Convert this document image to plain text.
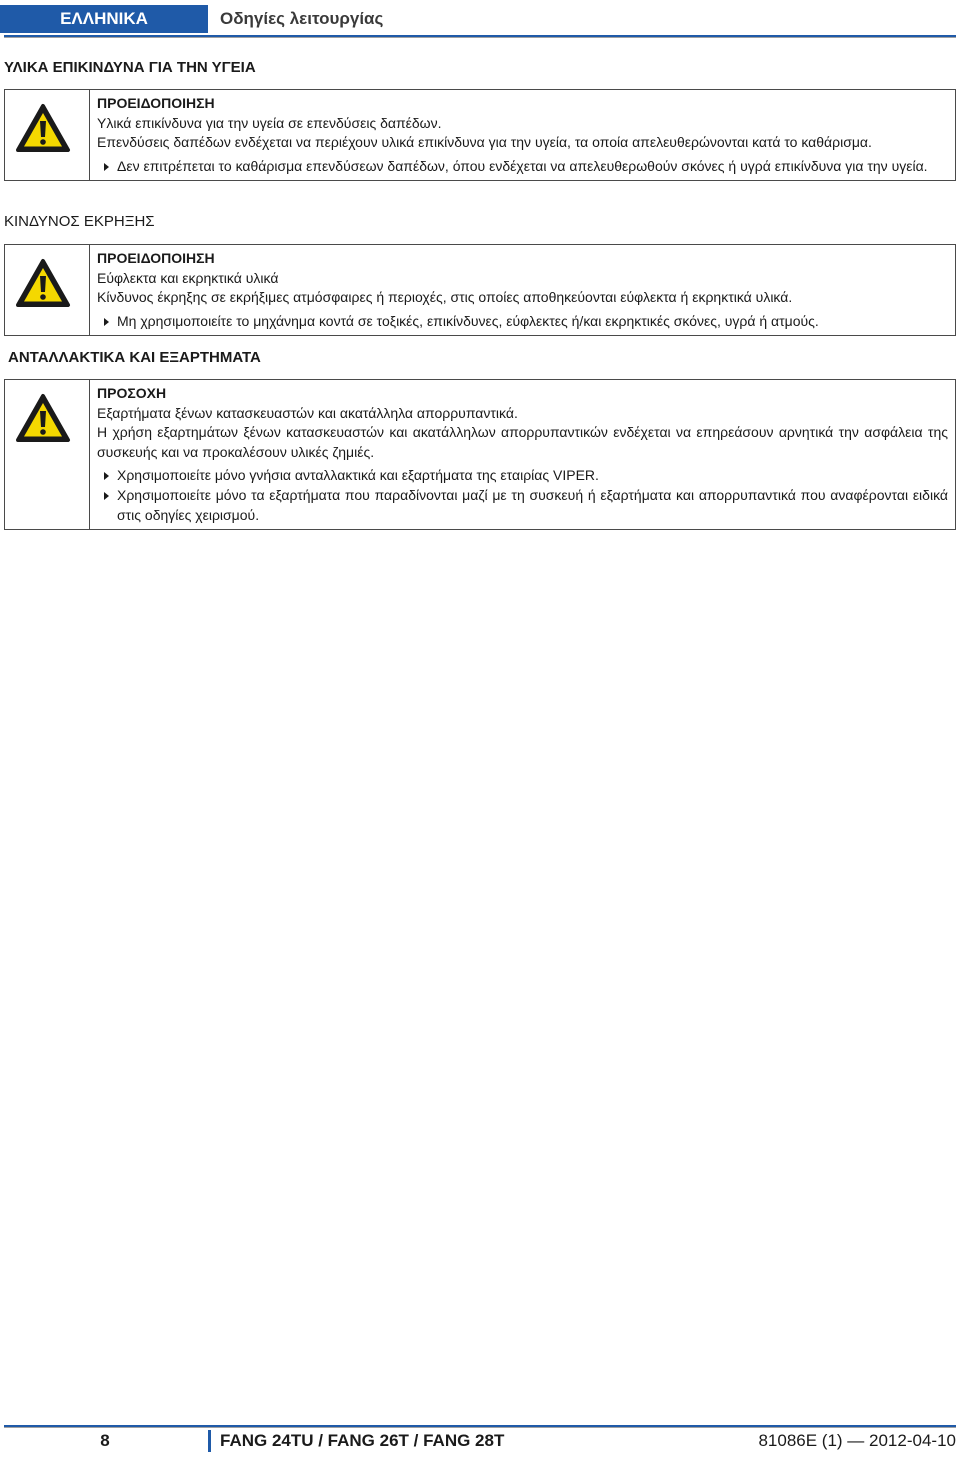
ΕΛΛΗΝΙΚΑ	Οδηγίες λειτουργίας
ΥΛΙΚΑ ΕΠΙΚΙΝΔΥΝΑ ΓΙΑ ΤΗΝ ΥΓΕΙΑ

ΠΡΟΕΙΔΟΠΟΙΗΣΗ

Υλικά επικίνδυνα για την υγεία σε επενδύσεις δαπέδων.

Επενδύσεις δαπέδων ενδέχεται να περιέχουν υλικά επικίνδυνα για την υγεία, τα οποία απελευθερώνονται κατά το καθάρισμα.

Δεν επιτρέπεται το καθάρισμα επενδύσεων δαπέδων, όπου ενδέχεται να απελευθερωθούν σκόνες ή υγρά επικίνδυνα για την υγεία.
ΚΙΝΔΥΝΟΣ ΕΚΡΗΞΗΣ

ΠΡΟΕΙΔΟΠΟΙΗΣΗ

Εύφλεκτα και εκρηκτικά υλικά

Κίνδυνος έκρηξης σε εκρήξιμες ατμόσφαιρες ή περιοχές, στις οποίες αποθηκεύονται εύφλεκτα ή εκρηκτικά υλικά.

Μη χρησιμοποιείτε το μηχάνημα κοντά σε τοξικές, επικίνδυνες, εύφλεκτες ή/και εκρηκτικές σκόνες, υγρά ή ατμούς.
ΑΝΤΑΛΛΑΚΤΙΚΑ ΚΑΙ ΕΞΑΡΤΗΜΑΤΑ

ΠΡΟΣΟΧΗ

Εξαρτήματα ξένων κατασκευαστών και ακατάλληλα απορρυπαντικά.

Η χρήση εξαρτημάτων ξένων κατασκευαστών και ακατάλληλων απορρυπαντικών ενδέχεται να επηρεάσουν αρνητικά την ασφάλεια της συσκευής και να προκαλέσουν υλικές ζημιές.

Χρησιμοποιείτε μόνο γνήσια ανταλλακτικά και εξαρτήματα της εταιρίας VIPER.
Χρησιμοποιείτε μόνο τα εξαρτήματα που παραδίνονται μαζί με τη συσκευή ή εξαρτήματα και απορρυπαντικά που αναφέρονται ειδικά στις οδηγίες χειρισμού.
8	FANG 24TU / FANG 26T / FANG 28T	81086E (1) — 2012-04-10
